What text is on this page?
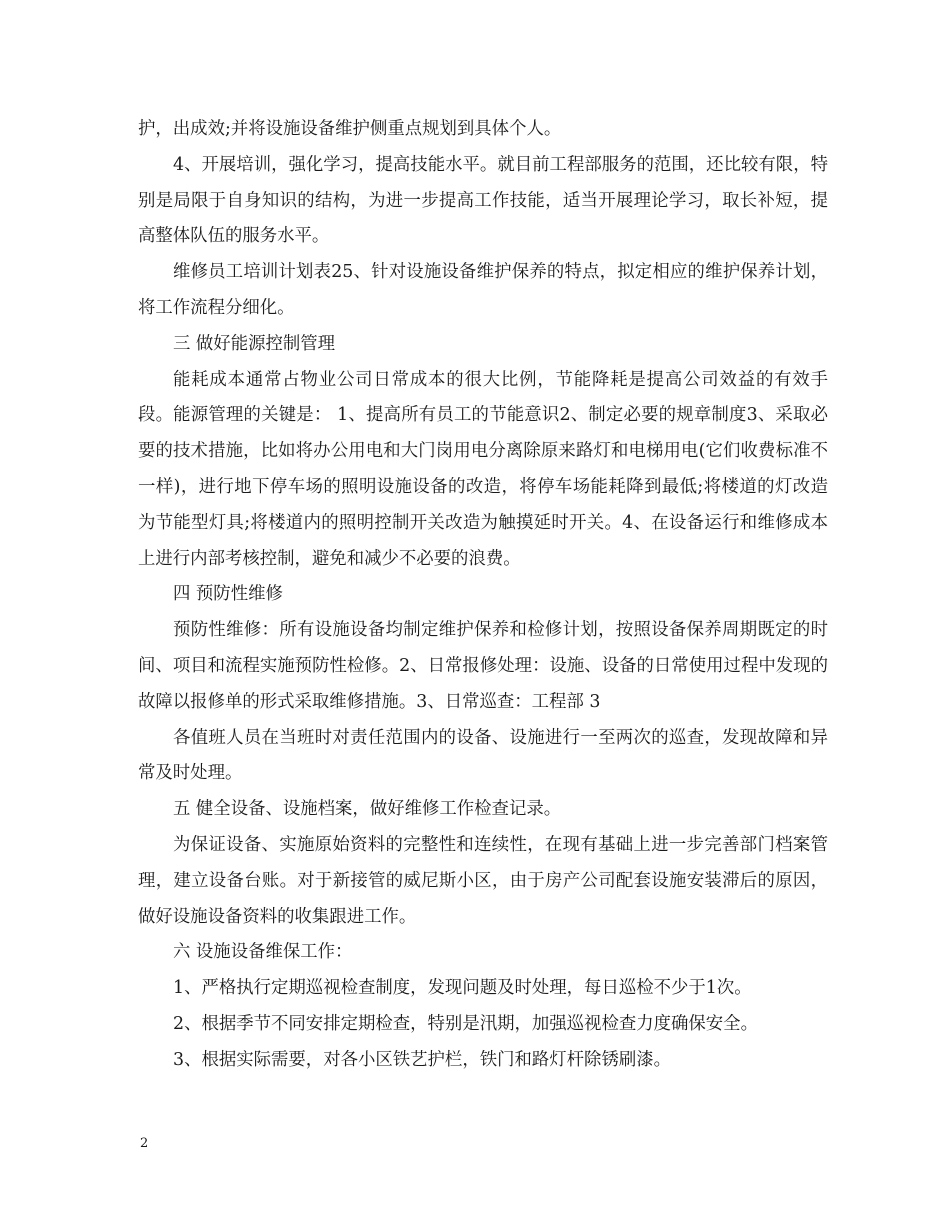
护，出成效;并将设施设备维护侧重点规划到具体个人。

4、开展培训，强化学习，提高技能水平。就目前工程部服务的范围，还比较有限，特别是局限于自身知识的结构，为进一步提高工作技能，适当开展理论学习，取长补短，提高整体队伍的服务水平。

维修员工培训计划表25、针对设施设备维护保养的特点，拟定相应的维护保养计划，将工作流程分细化。

三 做好能源控制管理

能耗成本通常占物业公司日常成本的很大比例，节能降耗是提高公司效益的有效手段。能源管理的关键是： 1、提高所有员工的节能意识2、制定必要的规章制度3、采取必要的技术措施，比如将办公用电和大门岗用电分离除原来路灯和电梯用电(它们收费标准不一样)，进行地下停车场的照明设施设备的改造，将停车场能耗降到最低;将楼道的灯改造为节能型灯具;将楼道内的照明控制开关改造为触摸延时开关。4、在设备运行和维修成本上进行内部考核控制，避免和减少不必要的浪费。

四 预防性维修

预防性维修：所有设施设备均制定维护保养和检修计划，按照设备保养周期既定的时间、项目和流程实施预防性检修。2、日常报修处理：设施、设备的日常使用过程中发现的故障以报修单的形式采取维修措施。3、日常巡查：工程部 3

各值班人员在当班时对责任范围内的设备、设施进行一至两次的巡查，发现故障和异常及时处理。

五 健全设备、设施档案，做好维修工作检查记录。

为保证设备、实施原始资料的完整性和连续性，在现有基础上进一步完善部门档案管理，建立设备台账。对于新接管的威尼斯小区，由于房产公司配套设施安装滞后的原因，做好设施设备资料的收集跟进工作。

六 设施设备维保工作：

1、严格执行定期巡视检查制度，发现问题及时处理，每日巡检不少于1次。

2、根据季节不同安排定期检查，特别是汛期，加强巡视检查力度确保安全。

3、根据实际需要，对各小区铁艺护栏，铁门和路灯杆除锈刷漆。

2
